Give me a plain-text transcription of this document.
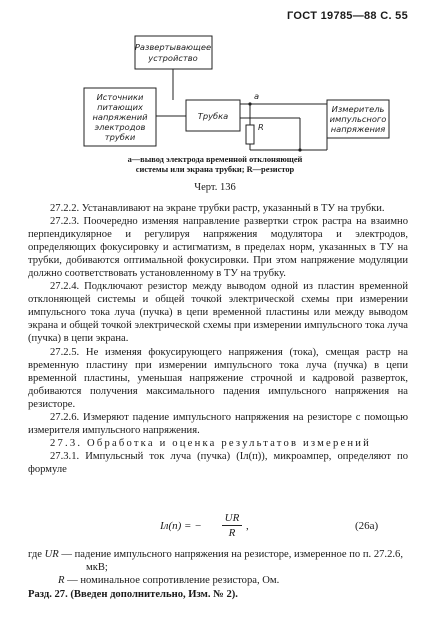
ГОСТ 19785—88 С. 55
Развертывающее
устройство
Источники
питающих
напряжений
электродов
трубки
Трубка
Измеритель
импульсного
напряжения
a
R
a—вывод электрода временной отклоняющей
системы или экрана трубки; R—резистор
Черт. 136

27.2.2. Устанавливают на экране трубки растр, указанный в ТУ на трубки.

27.2.3. Поочередно изменяя направление развертки строк растра на взаимно перпендикулярное и регулируя напряжения модулятора и электродов, определяющих фокусировку и астигматизм, в пределах норм, указанных в ТУ на трубки, добиваются оптимальной фокусировки. При этом напряжение модуляции должно соответствовать установленному в ТУ на трубку.

27.2.4. Подключают резистор между выводом одной из пластин временной отклоняющей системы и общей точкой электрической схемы при измерении импульсного тока луча (пучка) в цепи временной пластины или между выводом экрана и общей точкой электрической схемы при измерении импульсного тока луча (пучка) в цепи экрана.

27.2.5. Не изменяя фокусирующего напряжения (тока), смещая растр на временную пластину при измерении импульсного тока луча (пучка) в цепи временной пластины, уменьшая напряжение строчной и кадровой разверток, добиваются получения максимального падения импульсного напряжения на резисторе.

27.2.6. Измеряют падение импульсного напряжения на резисторе с помощью измерителя импульсного напряжения.

27.3. Обработка и оценка результатов измерений

27.3.1. Импульсный ток луча (пучка) (Iл(п)), микроампер, определяют по формуле

Iл(п) = −
UR
R
,	(26а)
где UR — падение импульсного напряжения на резисторе, измеренное по п. 27.2.6, мкВ;
R — номинальное сопротивление резистора, Ом.
Разд. 27. (Введен дополнительно, Изм. № 2).
